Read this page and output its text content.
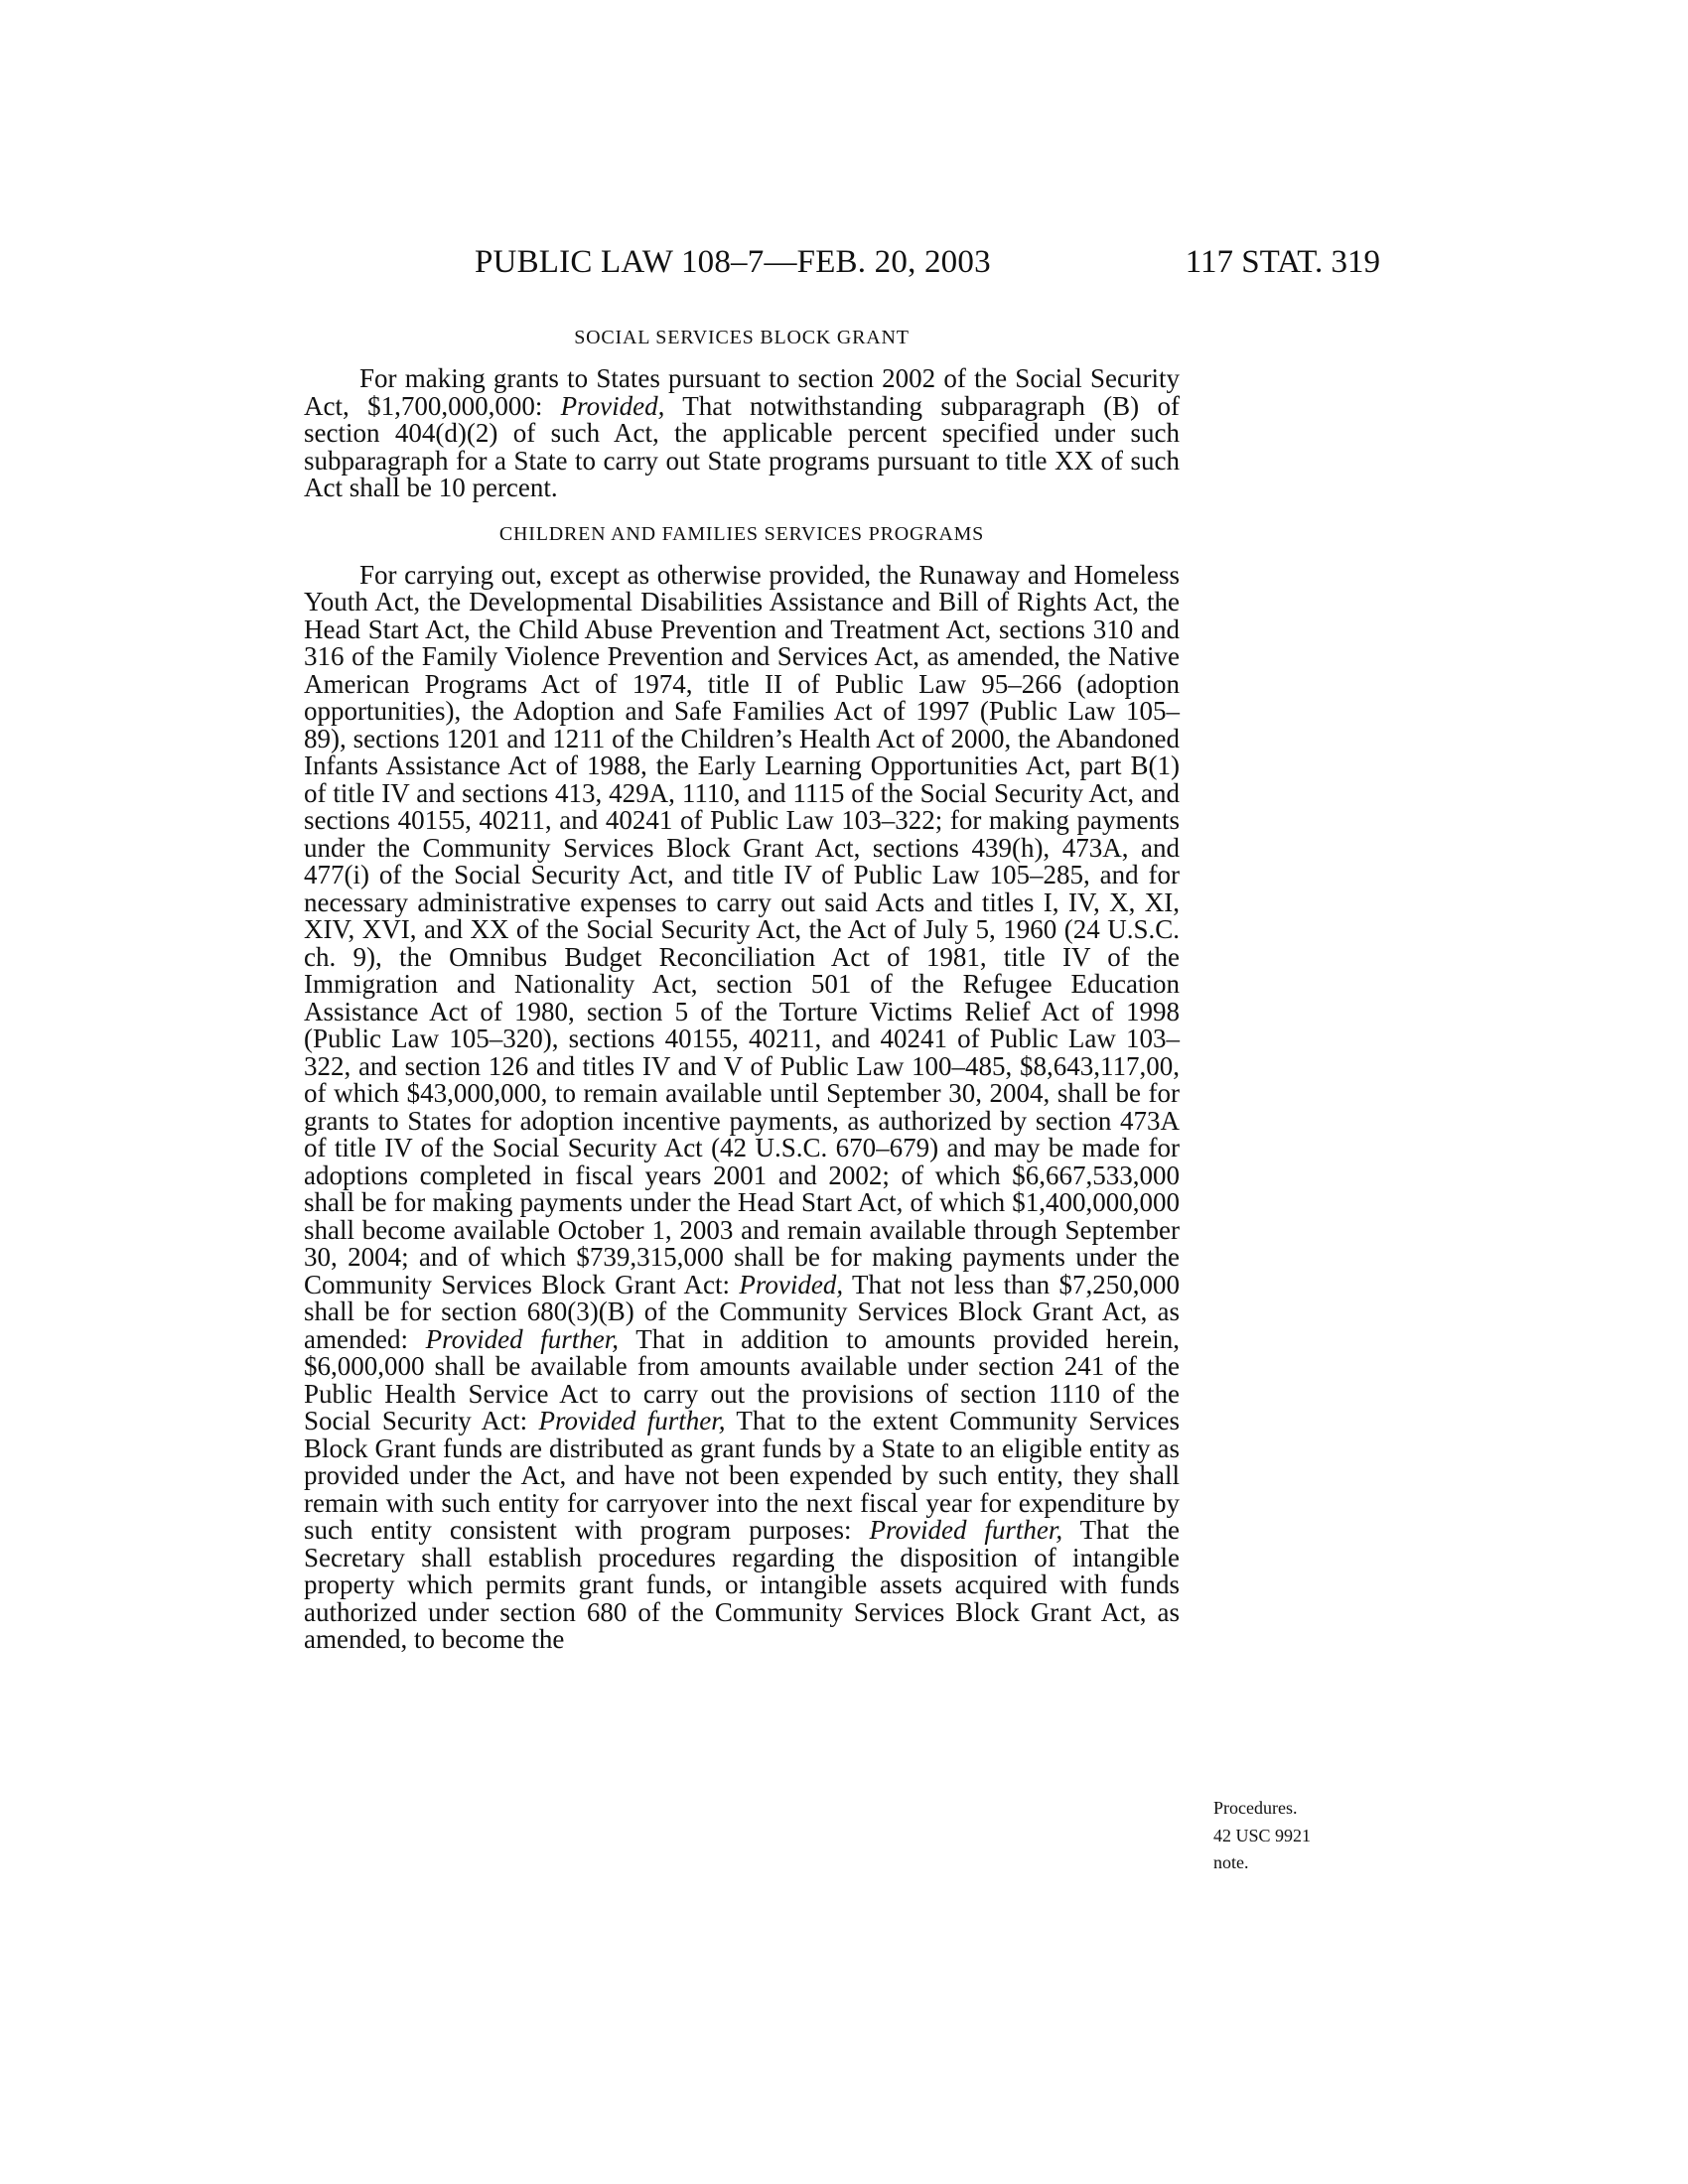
PUBLIC LAW 108–7—FEB. 20, 2003	117 STAT. 319
SOCIAL SERVICES BLOCK GRANT

For making grants to States pursuant to section 2002 of the Social Security Act, $1,700,000,000: Provided, That notwithstanding subparagraph (B) of section 404(d)(2) of such Act, the applicable percent specified under such subparagraph for a State to carry out State programs pursuant to title XX of such Act shall be 10 percent.

CHILDREN AND FAMILIES SERVICES PROGRAMS

For carrying out, except as otherwise provided, the Runaway and Homeless Youth Act, the Developmental Disabilities Assistance and Bill of Rights Act, the Head Start Act, the Child Abuse Prevention and Treatment Act, sections 310 and 316 of the Family Violence Prevention and Services Act, as amended, the Native American Programs Act of 1974, title II of Public Law 95–266 (adoption opportunities), the Adoption and Safe Families Act of 1997 (Public Law 105–89), sections 1201 and 1211 of the Children’s Health Act of 2000, the Abandoned Infants Assistance Act of 1988, the Early Learning Opportunities Act, part B(1) of title IV and sections 413, 429A, 1110, and 1115 of the Social Security Act, and sections 40155, 40211, and 40241 of Public Law 103–322; for making payments under the Community Services Block Grant Act, sections 439(h), 473A, and 477(i) of the Social Security Act, and title IV of Public Law 105–285, and for necessary administrative expenses to carry out said Acts and titles I, IV, X, XI, XIV, XVI, and XX of the Social Security Act, the Act of July 5, 1960 (24 U.S.C. ch. 9), the Omnibus Budget Reconciliation Act of 1981, title IV of the Immigration and Nationality Act, section 501 of the Refugee Education Assistance Act of 1980, section 5 of the Torture Victims Relief Act of 1998 (Public Law 105–320), sections 40155, 40211, and 40241 of Public Law 103–322, and section 126 and titles IV and V of Public Law 100–485, $8,643,117,00, of which $43,000,000, to remain available until September 30, 2004, shall be for grants to States for adoption incentive payments, as authorized by section 473A of title IV of the Social Security Act (42 U.S.C. 670–679) and may be made for adoptions completed in fiscal years 2001 and 2002; of which $6,667,533,000 shall be for making payments under the Head Start Act, of which $1,400,000,000 shall become available October 1, 2003 and remain available through September 30, 2004; and of which $739,315,000 shall be for making payments under the Community Services Block Grant Act: Provided, That not less than $7,250,000 shall be for section 680(3)(B) of the Community Services Block Grant Act, as amended: Provided further, That in addition to amounts provided herein, $6,000,000 shall be available from amounts available under section 241 of the Public Health Service Act to carry out the provisions of section 1110 of the Social Security Act: Provided further, That to the extent Community Services Block Grant funds are distributed as grant funds by a State to an eligible entity as provided under the Act, and have not been expended by such entity, they shall remain with such entity for carryover into the next fiscal year for expenditure by such entity consistent with program purposes: Provided further, That the Secretary shall establish procedures regarding the disposition of intangible property which permits grant funds, or intangible assets acquired with funds authorized under section 680 of the Community Services Block Grant Act, as amended, to become the

Procedures.
42 USC 9921
note.
